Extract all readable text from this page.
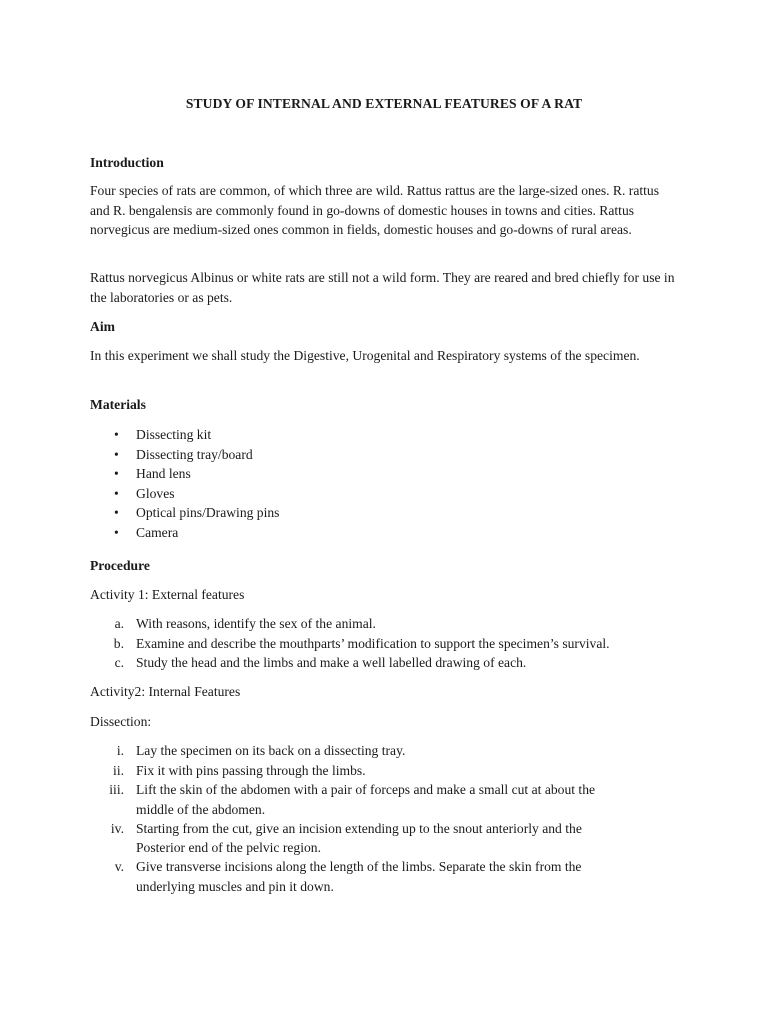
STUDY OF INTERNAL AND EXTERNAL FEATURES OF A RAT
Introduction

Four species of rats are common, of which three are wild. Rattus rattus are the large-sized ones. R. rattus and R. bengalensis are commonly found in go-downs of domestic houses in towns and cities. Rattus norvegicus are medium-sized ones common in fields, domestic houses and go-downs of rural areas.

Rattus norvegicus Albinus or white rats are still not a wild form. They are reared and bred chiefly for use in the laboratories or as pets.

Aim

In this experiment we shall study the Digestive, Urogenital and Respiratory systems of the specimen.

Materials
•	Dissecting kit
•	Dissecting tray/board
•	Hand lens
•	Gloves
•	Optical pins/Drawing pins
•	Camera
Procedure
Activity 1: External features
a. With reasons, identify the sex of the animal.
b. Examine and describe the mouthparts’ modification to support the specimen’s survival.
c. Study the head and the limbs and make a well labelled drawing of each.
Activity2: Internal Features
Dissection:
i. Lay the specimen on its back on a dissecting tray.
ii. Fix it with pins passing through the limbs.
iii. Lift the skin of the abdomen with a pair of forceps and make a small cut at about the
middle of the abdomen.
iv. Starting from the cut, give an incision extending up to the snout anteriorly and the
Posterior end of the pelvic region.
v. Give transverse incisions along the length of the limbs. Separate the skin from the
underlying muscles and pin it down.
